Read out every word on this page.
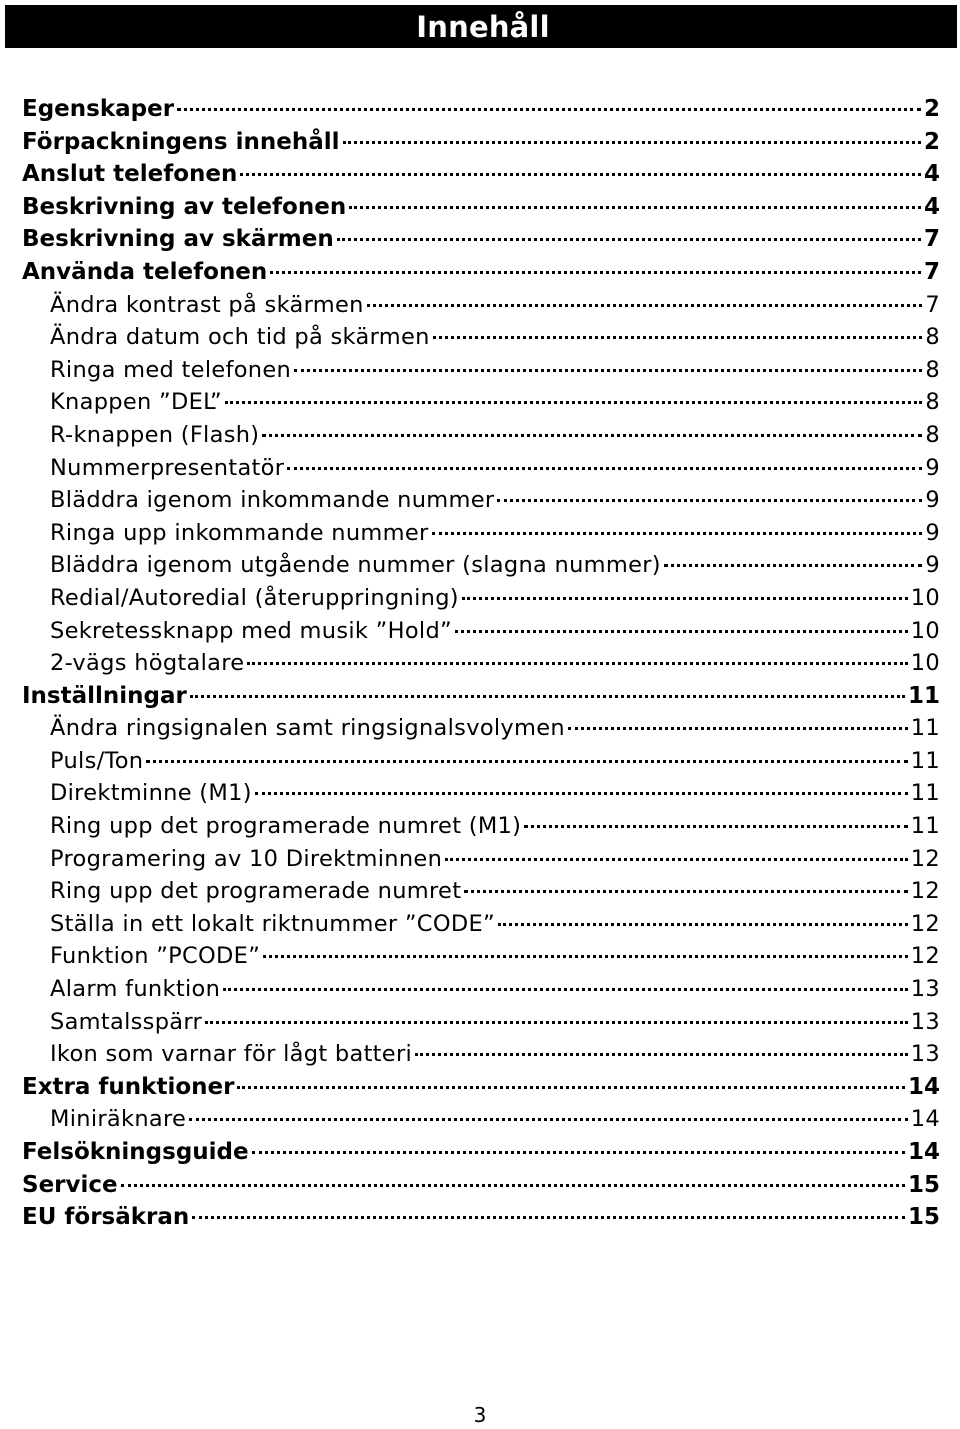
Innehåll
Egenskaper	2
Förpackningens innehåll	2
Anslut telefonen	4
Beskrivning av telefonen	4
Beskrivning av skärmen	7
Använda telefonen	7
Ändra kontrast på skärmen	7
Ändra datum och tid på skärmen	8
Ringa med telefonen	8
Knappen ”DEL”	8
R-knappen (Flash)	8
Nummerpresentatör	9
Bläddra igenom inkommande nummer	9
Ringa upp inkommande nummer	9
Bläddra igenom utgående nummer (slagna nummer)	9
Redial/Autoredial (återuppringning)	10
Sekretessknapp med musik ”Hold”	10
2-vägs högtalare	10
Inställningar	11
Ändra ringsignalen samt ringsignalsvolymen	11
Puls/Ton	11
Direktminne (M1)	11
Ring upp det programerade numret (M1)	11
Programering av 10 Direktminnen	12
Ring upp det programerade numret	12
Ställa in ett lokalt riktnummer ”CODE”	12
Funktion ”PCODE”	12
Alarm funktion	13
Samtalsspärr	13
Ikon som varnar för lågt batteri	13
Extra funktioner	14
Miniräknare	14
Felsökningsguide	14
Service	15
EU försäkran	15
3
